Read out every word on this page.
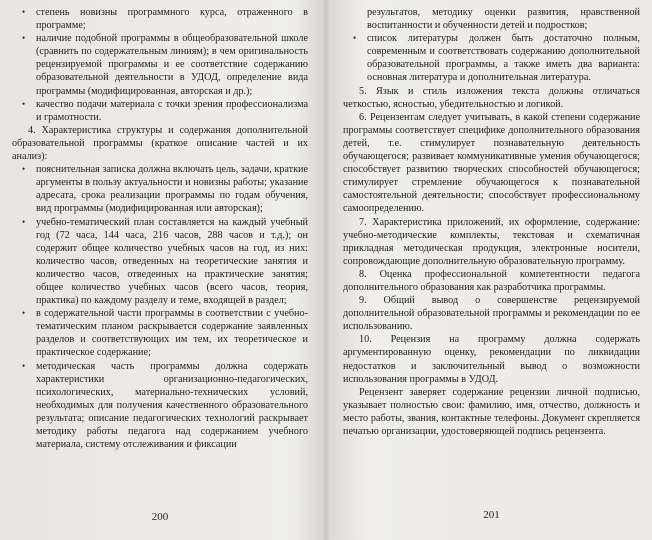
• степень новизны программного курса, отраженного в программе;

• наличие подобной программы в общеобразовательной школе (сравнить по содержательным линиям); в чем оригинальность рецензируемой программы и ее соответствие содержанию образовательной деятельности в УДОД, определение вида программы (модифицированная, авторская и др.);

• качество подачи материала с точки зрения профессионализма и грамотности.

4. Характеристика структуры и содержания дополнительной образовательной программы (краткое описание частей и их анализ):

• пояснительная записка должна включать цель, задачи, краткие аргументы в пользу актуальности и новизны работы; указание адресата, срока реализации программы по годам обучения, вид программы (модифицированная или авторская);

• учебно-тематический план составляется на каждый учебный год (72 часа, 144 часа, 216 часов, 288 часов и т.д.); он содержит общее количество учебных часов на год, из них: количество часов, отведенных на теоретические занятия и количество часов, отведенных на практические занятия; общее количество учебных часов (всего часов, теория, практика) по каждому разделу и теме, входящей в раздел;

• в содержательной части программы в соответствии с учебно-тематическим планом раскрывается содержание заявленных разделов и соответствующих им тем, их теоретическое и практическое содержание;

• методическая часть программы должна содержать характеристики организационно-педагогических, психологических, материально-технических условий, необходимых для получения качественного образовательного результата; описание педагогических технологий раскрывает методику работы педагога над содержанием учебного материала, систему отслеживания и фиксации

200

результатов, методику оценки развития, нравственной воспитанности и обученности детей и подростков;

• список литературы должен быть достаточно полным, современным и соответствовать содержанию дополнительной образовательной программы, а также иметь два варианта: основная литература и дополнительная литература.

5. Язык и стиль изложения текста должны отличаться четкостью, ясностью, убедительностью и логикой.

6. Рецензентам следует учитывать, в какой степени содержание программы соответствует специфике дополнительного образования детей, т.е. стимулирует познавательную деятельность обучающегося; развивает коммуникативные умения обучающегося; способствует развитию творческих способностей обучающегося; стимулирует стремление обучающегося к познавательной самостоятельной деятельности; способствует профессиональному самоопределению.

7. Характеристика приложений, их оформление, содержание: учебно-методические комплекты, текстовая и схематичная прикладная методическая продукция, электронные носители, сопровождающие дополнительную образовательную программу.

8. Оценка профессиональной компетентности педагога дополнительного образования как разработчика программы.

9. Общий вывод о совершенстве рецензируемой дополнительной образовательной программы и рекомендации по ее использованию.

10. Рецензия на программу должна содержать аргументированную оценку, рекомендации по ликвидации недостатков и заключительный вывод о возможности использования программы в УДОД.

Рецензент заверяет содержание рецензии личной подписью, указывает полностью свои: фамилию, имя, отчество, должность и место работы, звания, контактные телефоны. Документ скрепляется печатью организации, удостоверяющей подпись рецензента.

201
